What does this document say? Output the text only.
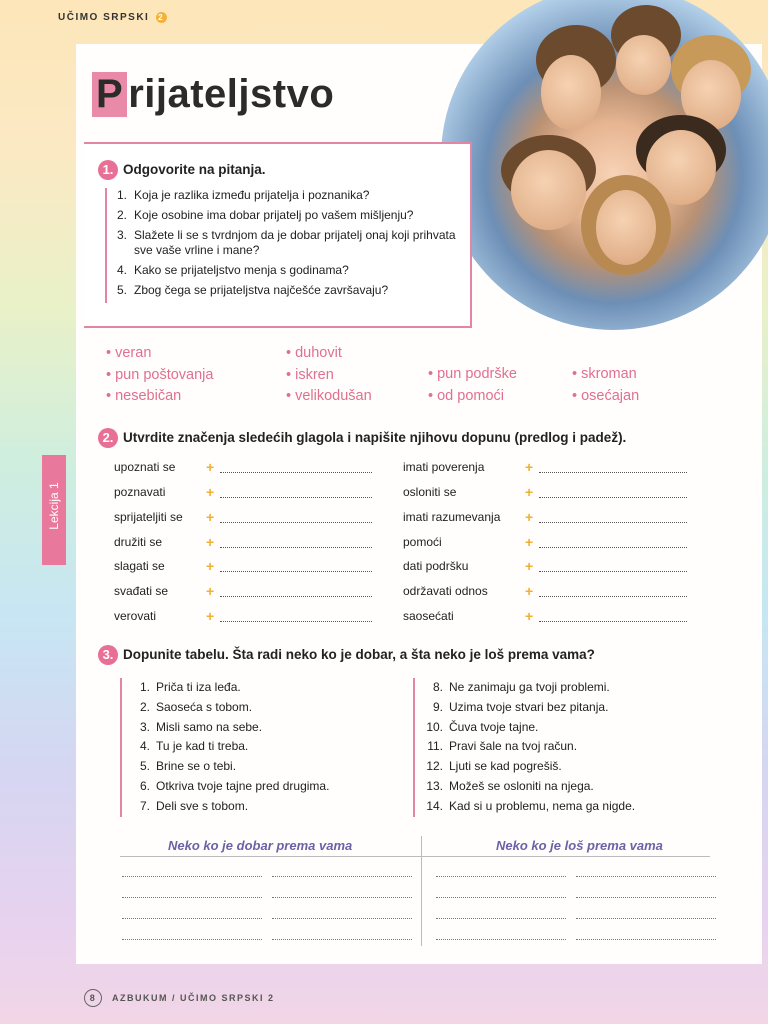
UČIMO SRPSKI 2
P rijateljstvo
1. Odgovorite na pitanja.
1. Koja je razlika između prijatelja i poznanika?
2. Koje osobine ima dobar prijatelj po vašem mišljenju?
3. Slažete li se s tvrdnjom da je dobar prijatelj onaj koji prihvata sve vaše vrline i mane?
4. Kako se prijateljstvo menja s godinama?
5. Zbog čega se prijateljstva najčešće završavaju?
• veran
• pun poštovanja
• nesebičan
• duhovit
• iskren
• velikodušan
• pun podrške
• od pomoći
• skroman
• osećajan
2. Utvrdite značenja sledećih glagola i napišite njihovu dopunu (predlog i padež).
Lekcija 1
upoznati se	+
poznavati	+
sprijateljiti se	+
družiti se	+
slagati se	+
svađati se	+
verovati	+
imati poverenja	+
osloniti se	+
imati razumevanja	+
pomoći	+
dati podršku	+
održavati odnos	+
saosećati	+
3. Dopunite tabelu. Šta radi neko ko je dobar, a šta neko je loš prema vama?
1. Priča ti iza leđa.
2. Saoseća s tobom.
3. Misli samo na sebe.
4. Tu je kad ti treba.
5. Brine se o tebi.
6. Otkriva tvoje tajne pred drugima.
7. Deli sve s tobom.
8. Ne zanimaju ga tvoji problemi.
9. Uzima tvoje stvari bez pitanja.
10. Čuva tvoje tajne.
11. Pravi šale na tvoj račun.
12. Ljuti se kad pogrešiš.
13. Možeš se osloniti na njega.
14. Kad si u problemu, nema ga nigde.
Neko ko je dobar prema vama	Neko ko je loš prema vama
8 AZBUKUM / UČIMO SRPSKI 2
